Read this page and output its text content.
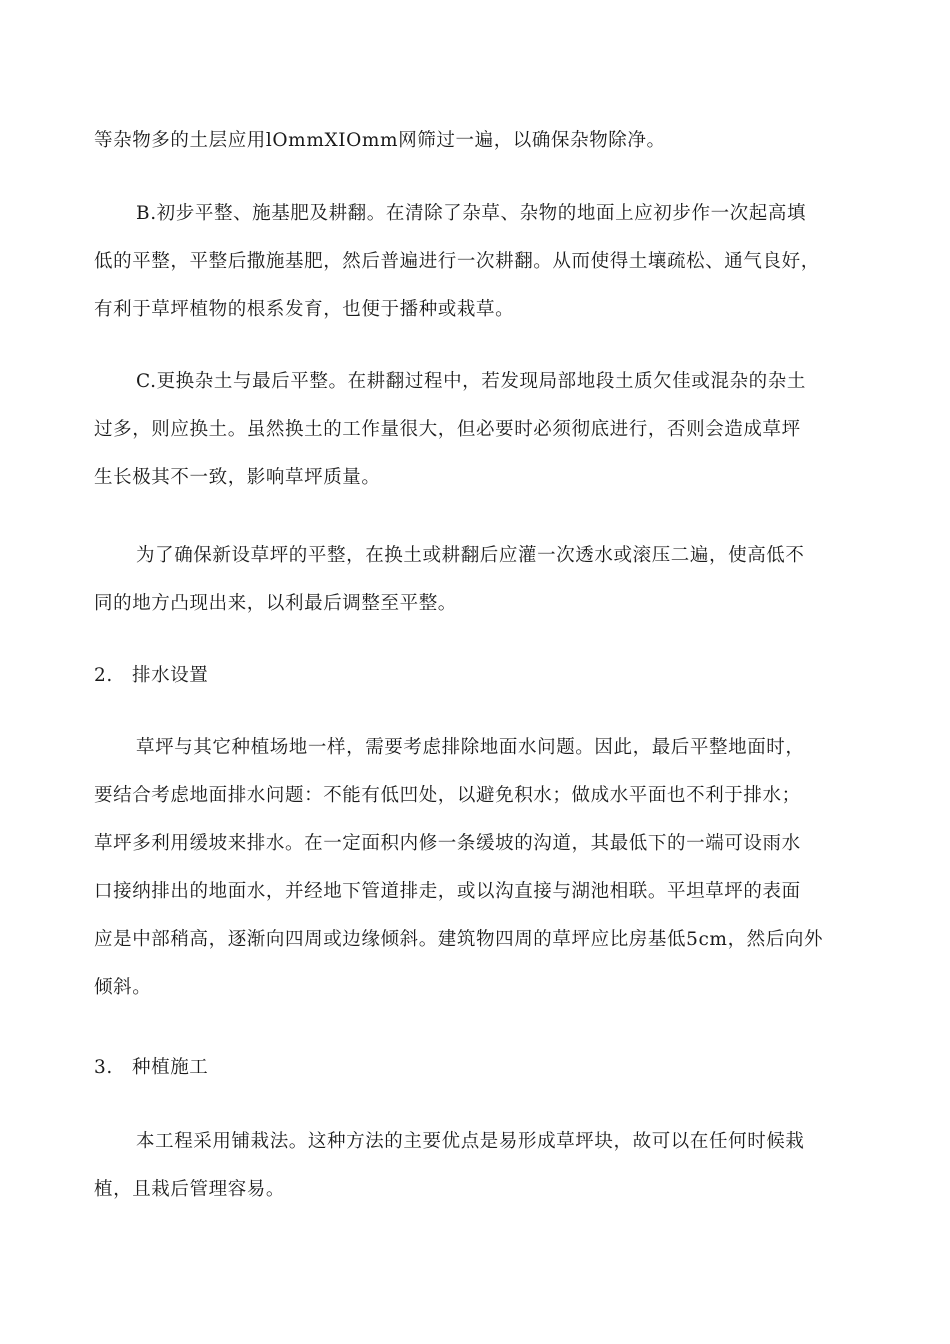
等杂物多的土层应用lOmmXIOmm网筛过一遍，以确保杂物除净。
B.初步平整、施基肥及耕翻。在清除了杂草、杂物的地面上应初步作一次起高填
低的平整，平整后撒施基肥，然后普遍进行一次耕翻。从而使得土壤疏松、通气良好，
有利于草坪植物的根系发育，也便于播种或栽草。
C.更换杂土与最后平整。在耕翻过程中，若发现局部地段土质欠佳或混杂的杂土
过多，则应换土。虽然换土的工作量很大，但必要时必须彻底进行，否则会造成草坪
生长极其不一致，影响草坪质量。
为了确保新设草坪的平整，在换土或耕翻后应灌一次透水或滚压二遍，使高低不
同的地方凸现出来，以利最后调整至平整。
2. 排水设置
草坪与其它种植场地一样，需要考虑排除地面水问题。因此，最后平整地面时，
要结合考虑地面排水问题：不能有低凹处，以避免积水；做成水平面也不利于排水；
草坪多利用缓坡来排水。在一定面积内修一条缓坡的沟道，其最低下的一端可设雨水
口接纳排出的地面水，并经地下管道排走，或以沟直接与湖池相联。平坦草坪的表面
应是中部稍高，逐渐向四周或边缘倾斜。建筑物四周的草坪应比房基低5cm，然后向外
倾斜。
3. 种植施工
本工程采用铺栽法。这种方法的主要优点是易形成草坪块，故可以在任何时候栽
植，且栽后管理容易。
